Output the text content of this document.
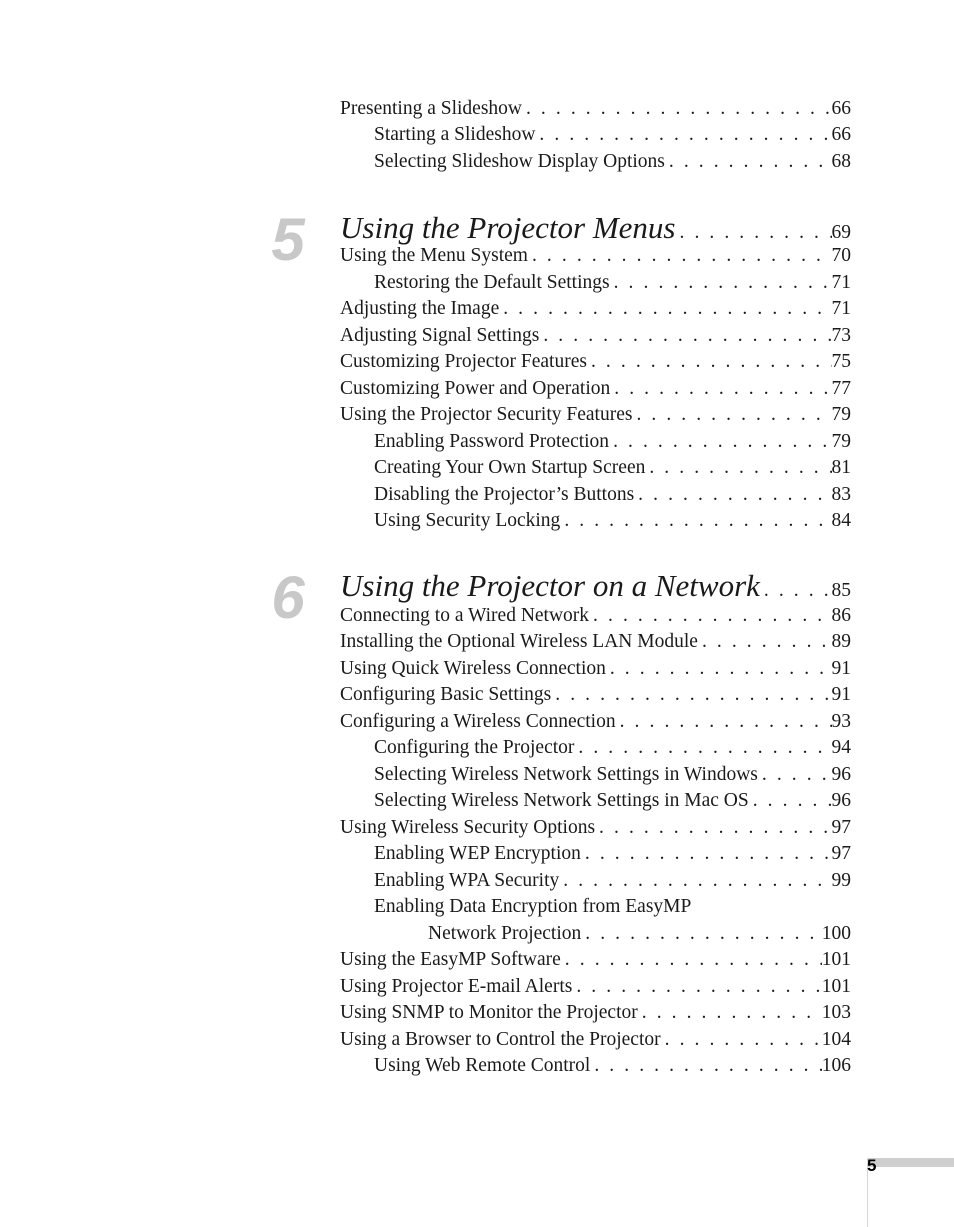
Presenting a Slideshow . . .	66
Starting a Slideshow . . .	66
Selecting Slideshow Display Options . . .	68
5	Using the Projector Menus . . .	69
Using the Menu System . . .	70
Restoring the Default Settings . . .	71
Adjusting the Image . . .	71
Adjusting Signal Settings . . .	73
Customizing Projector Features . . .	75
Customizing Power and Operation . . .	77
Using the Projector Security Features . . .	79
Enabling Password Protection . . .	79
Creating Your Own Startup Screen . . .	81
Disabling the Projector’s Buttons . . .	83
Using Security Locking . . .	84
6	Using the Projector on a Network . . .	85
Connecting to a Wired Network . . .	86
Installing the Optional Wireless LAN Module . . .	89
Using Quick Wireless Connection . . .	91
Configuring Basic Settings . . .	91
Configuring a Wireless Connection . . .	93
Configuring the Projector . . .	94
Selecting Wireless Network Settings in Windows . . .	96
Selecting Wireless Network Settings in Mac OS . . .	96
Using Wireless Security Options . . .	97
Enabling WEP Encryption . . .	97
Enabling WPA Security . . .	99
Enabling Data Encryption from EasyMP
Network Projection . . .	100
Using the EasyMP Software . . .	101
Using Projector E-mail Alerts . . .	101
Using SNMP to Monitor the Projector . . .	103
Using a Browser to Control the Projector . . .	104
Using Web Remote Control . . .	106
5
